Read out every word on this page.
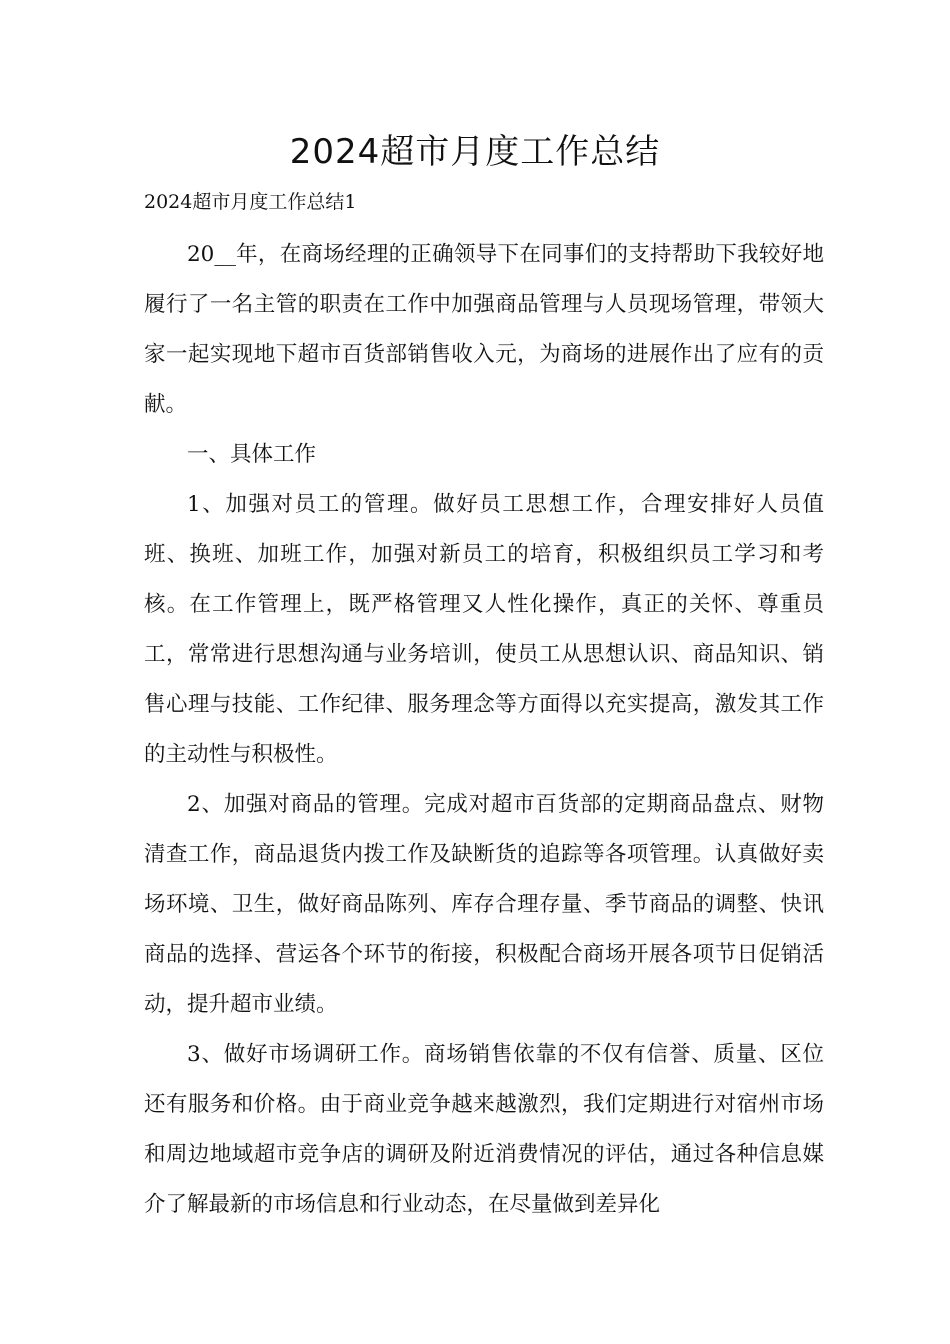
2024超市月度工作总结

2024超市月度工作总结1

20__年，在商场经理的正确领导下在同事们的支持帮助下我较好地履行了一名主管的职责在工作中加强商品管理与人员现场管理，带领大家一起实现地下超市百货部销售收入元，为商场的进展作出了应有的贡献。

一、具体工作

1、加强对员工的管理。做好员工思想工作，合理安排好人员值班、换班、加班工作，加强对新员工的培育，积极组织员工学习和考核。在工作管理上，既严格管理又人性化操作，真正的关怀、尊重员工，常常进行思想沟通与业务培训，使员工从思想认识、商品知识、销售心理与技能、工作纪律、服务理念等方面得以充实提高，激发其工作的主动性与积极性。

2、加强对商品的管理。完成对超市百货部的定期商品盘点、财物清查工作，商品退货内拨工作及缺断货的追踪等各项管理。认真做好卖场环境、卫生，做好商品陈列、库存合理存量、季节商品的调整、快讯商品的选择、营运各个环节的衔接，积极配合商场开展各项节日促销活动，提升超市业绩。

3、做好市场调研工作。商场销售依靠的不仅有信誉、质量、区位还有服务和价格。由于商业竞争越来越激烈，我们定期进行对宿州市场和周边地域超市竞争店的调研及附近消费情况的评估，通过各种信息媒介了解最新的市场信息和行业动态，在尽量做到差异化
